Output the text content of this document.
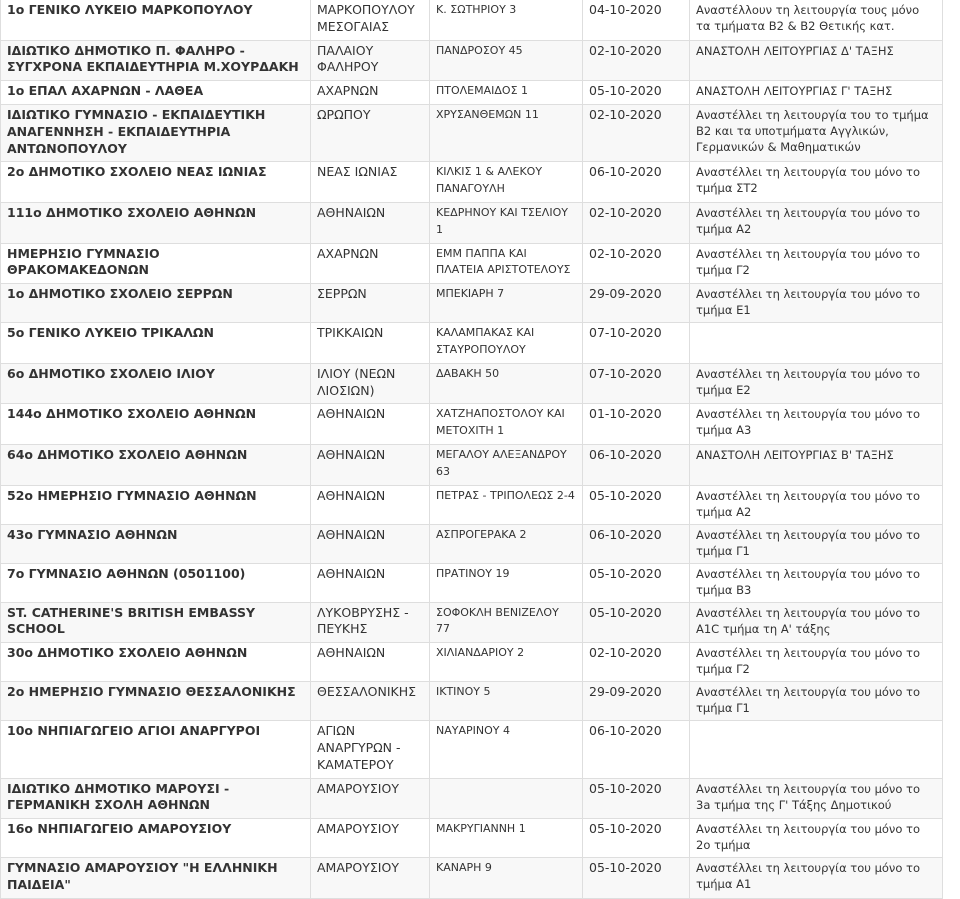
1ο ΓΕΝΙΚΟ ΛΥΚΕΙΟ ΜΑΡΚΟΠΟΥΛΟΥ	ΜΑΡΚΟΠΟΥΛΟΥ ΜΕΣΟΓΑΙΑΣ	Κ. ΣΩΤΗΡΙΟΥ 3	04-10-2020	Αναστέλλουν τη λειτουργία τους μόνο τα τμήματα Β2 & Β2 Θετικής κατ.
ΙΔΙΩΤΙΚΟ ΔΗΜΟΤΙΚΟ Π. ΦΑΛΗΡΟ - ΣΥΓΧΡΟΝΑ ΕΚΠΑΙΔΕΥΤΗΡΙΑ Μ.ΧΟΥΡΔΑΚΗ	ΠΑΛΑΙΟΥ ΦΑΛΗΡΟΥ	ΠΑΝΔΡΟΣΟΥ 45	02-10-2020	ΑΝΑΣΤΟΛΗ ΛΕΙΤΟΥΡΓΙΑΣ Δ' ΤΑΞΗΣ
1ο ΕΠΑΛ ΑΧΑΡΝΩΝ - ΛΑΘΕΑ	ΑΧΑΡΝΩΝ	ΠΤΟΛΕΜΑΙΔΟΣ 1	05-10-2020	ΑΝΑΣΤΟΛΗ ΛΕΙΤΟΥΡΓΙΑΣ Γ' ΤΑΞΗΣ
ΙΔΙΩΤΙΚΟ ΓΥΜΝΑΣΙΟ - ΕΚΠΑΙΔΕΥΤΙΚΗ ΑΝΑΓΕΝΝΗΣΗ - ΕΚΠΑΙΔΕΥΤΗΡΙΑ ΑΝΤΩΝΟΠΟΥΛΟΥ	ΩΡΩΠΟΥ	ΧΡΥΣΑΝΘΕΜΩΝ 11	02-10-2020	Αναστέλλει τη λειτουργία του το τμήμα Β2 και τα υποτμήματα Αγγλικών, Γερμανικών & Μαθηματικών
2ο ΔΗΜΟΤΙΚΟ ΣΧΟΛΕΙΟ ΝΕΑΣ ΙΩΝΙΑΣ	ΝΕΑΣ ΙΩΝΙΑΣ	ΚΙΛΚΙΣ 1 & ΑΛΕΚΟΥ ΠΑΝΑΓΟΥΛΗ	06-10-2020	Αναστέλλει τη λειτουργία του μόνο το τμήμα ΣΤ2
111ο ΔΗΜΟΤΙΚΟ ΣΧΟΛΕΙΟ ΑΘΗΝΩΝ	ΑΘΗΝΑΙΩΝ	ΚΕΔΡΗΝΟΥ ΚΑΙ ΤΣΕΛΙΟΥ 1	02-10-2020	Αναστέλλει τη λειτουργία του μόνο το τμήμα Α2
ΗΜΕΡΗΣΙΟ ΓΥΜΝΑΣΙΟ ΘΡΑΚΟΜΑΚΕΔΟΝΩΝ	ΑΧΑΡΝΩΝ	ΕΜΜ ΠΑΠΠΑ ΚΑΙ ΠΛΑΤΕΙΑ ΑΡΙΣΤΟΤΕΛΟΥΣ	02-10-2020	Αναστέλλει τη λειτουργία του μόνο το τμήμα Γ2
1ο ΔΗΜΟΤΙΚΟ ΣΧΟΛΕΙΟ ΣΕΡΡΩΝ	ΣΕΡΡΩΝ	ΜΠΕΚΙΑΡΗ 7	29-09-2020	Αναστέλλει τη λειτουργία του μόνο το τμήμα Ε1
5ο ΓΕΝΙΚΟ ΛΥΚΕΙΟ ΤΡΙΚΑΛΩΝ	ΤΡΙΚΚΑΙΩΝ	ΚΑΛΑΜΠΑΚΑΣ ΚΑΙ ΣΤΑΥΡΟΠΟΥΛΟΥ	07-10-2020	
6ο ΔΗΜΟΤΙΚΟ ΣΧΟΛΕΙΟ ΙΛΙΟΥ	ΙΛΙΟΥ (ΝΕΩΝ ΛΙΟΣΙΩΝ)	ΔΑΒΑΚΗ 50	07-10-2020	Αναστέλλει τη λειτουργία του μόνο το τμήμα Ε2
144ο ΔΗΜΟΤΙΚΟ ΣΧΟΛΕΙΟ ΑΘΗΝΩΝ	ΑΘΗΝΑΙΩΝ	ΧΑΤΖΗΑΠΟΣΤΟΛΟΥ ΚΑΙ ΜΕΤΟΧΙΤΗ 1	01-10-2020	Αναστέλλει τη λειτουργία του μόνο το τμήμα Α3
64ο ΔΗΜΟΤΙΚΟ ΣΧΟΛΕΙΟ ΑΘΗΝΩΝ	ΑΘΗΝΑΙΩΝ	ΜΕΓΑΛΟΥ ΑΛΕΞΑΝΔΡΟΥ 63	06-10-2020	ΑΝΑΣΤΟΛΗ ΛΕΙΤΟΥΡΓΙΑΣ Β' ΤΑΞΗΣ
52ο ΗΜΕΡΗΣΙΟ ΓΥΜΝΑΣΙΟ ΑΘΗΝΩΝ	ΑΘΗΝΑΙΩΝ	ΠΕΤΡΑΣ - ΤΡΙΠΟΛΕΩΣ 2-4	05-10-2020	Αναστέλλει τη λειτουργία του μόνο το τμήμα Α2
43ο ΓΥΜΝΑΣΙΟ ΑΘΗΝΩΝ	ΑΘΗΝΑΙΩΝ	ΑΣΠΡΟΓΕΡΑΚΑ 2	06-10-2020	Αναστέλλει τη λειτουργία του μόνο το τμήμα Γ1
7ο ΓΥΜΝΑΣΙΟ ΑΘΗΝΩΝ (0501100)	ΑΘΗΝΑΙΩΝ	ΠΡΑΤΙΝΟΥ 19	05-10-2020	Αναστέλλει τη λειτουργία του μόνο το τμήμα Β3
ST. CATHERINE'S BRITISH EMBASSY SCHOOL	ΛΥΚΟΒΡΥΣΗΣ - ΠΕΥΚΗΣ	ΣΟΦΟΚΛΗ ΒΕΝΙΖΕΛΟΥ 77	05-10-2020	Αναστέλλει τη λειτουργία του μόνο το Α1C τμήμα τη Α' τάξης
30ο ΔΗΜΟΤΙΚΟ ΣΧΟΛΕΙΟ ΑΘΗΝΩΝ	ΑΘΗΝΑΙΩΝ	ΧΙΛΙΑΝΔΑΡΙΟΥ 2	02-10-2020	Αναστέλλει τη λειτουργία του μόνο το τμήμα Γ2
2ο ΗΜΕΡΗΣΙΟ ΓΥΜΝΑΣΙΟ ΘΕΣΣΑΛΟΝΙΚΗΣ	ΘΕΣΣΑΛΟΝΙΚΗΣ	ΙΚΤΙΝΟΥ 5	29-09-2020	Αναστέλλει τη λειτουργία του μόνο το τμήμα Γ1
10ο ΝΗΠΙΑΓΩΓΕΙΟ ΑΓΙΟΙ ΑΝΑΡΓΥΡΟΙ	ΑΓΙΩΝ ΑΝΑΡΓΥΡΩΝ - ΚΑΜΑΤΕΡΟΥ	ΝΑΥΑΡΙΝΟΥ 4	06-10-2020	
ΙΔΙΩΤΙΚΟ ΔΗΜΟΤΙΚΟ ΜΑΡΟΥΣΙ - ΓΕΡΜΑΝΙΚΗ ΣΧΟΛΗ ΑΘΗΝΩΝ	ΑΜΑΡΟΥΣΙΟΥ		05-10-2020	Αναστέλλει τη λειτουργία του μόνο το 3a τμήμα της Γ' Τάξης Δημοτικού
16ο ΝΗΠΙΑΓΩΓΕΙΟ ΑΜΑΡΟΥΣΙΟΥ	ΑΜΑΡΟΥΣΙΟΥ	ΜΑΚΡΥΓΙΑΝΝΗ 1	05-10-2020	Αναστέλλει τη λειτουργία του μόνο το 2ο τμήμα
ΓΥΜΝΑΣΙΟ ΑΜΑΡΟΥΣΙΟΥ "Η ΕΛΛΗΝΙΚΗ ΠΑΙΔΕΙΑ"	ΑΜΑΡΟΥΣΙΟΥ	ΚΑΝΑΡΗ 9	05-10-2020	Αναστέλλει τη λειτουργία του μόνο το τμήμα Α1
